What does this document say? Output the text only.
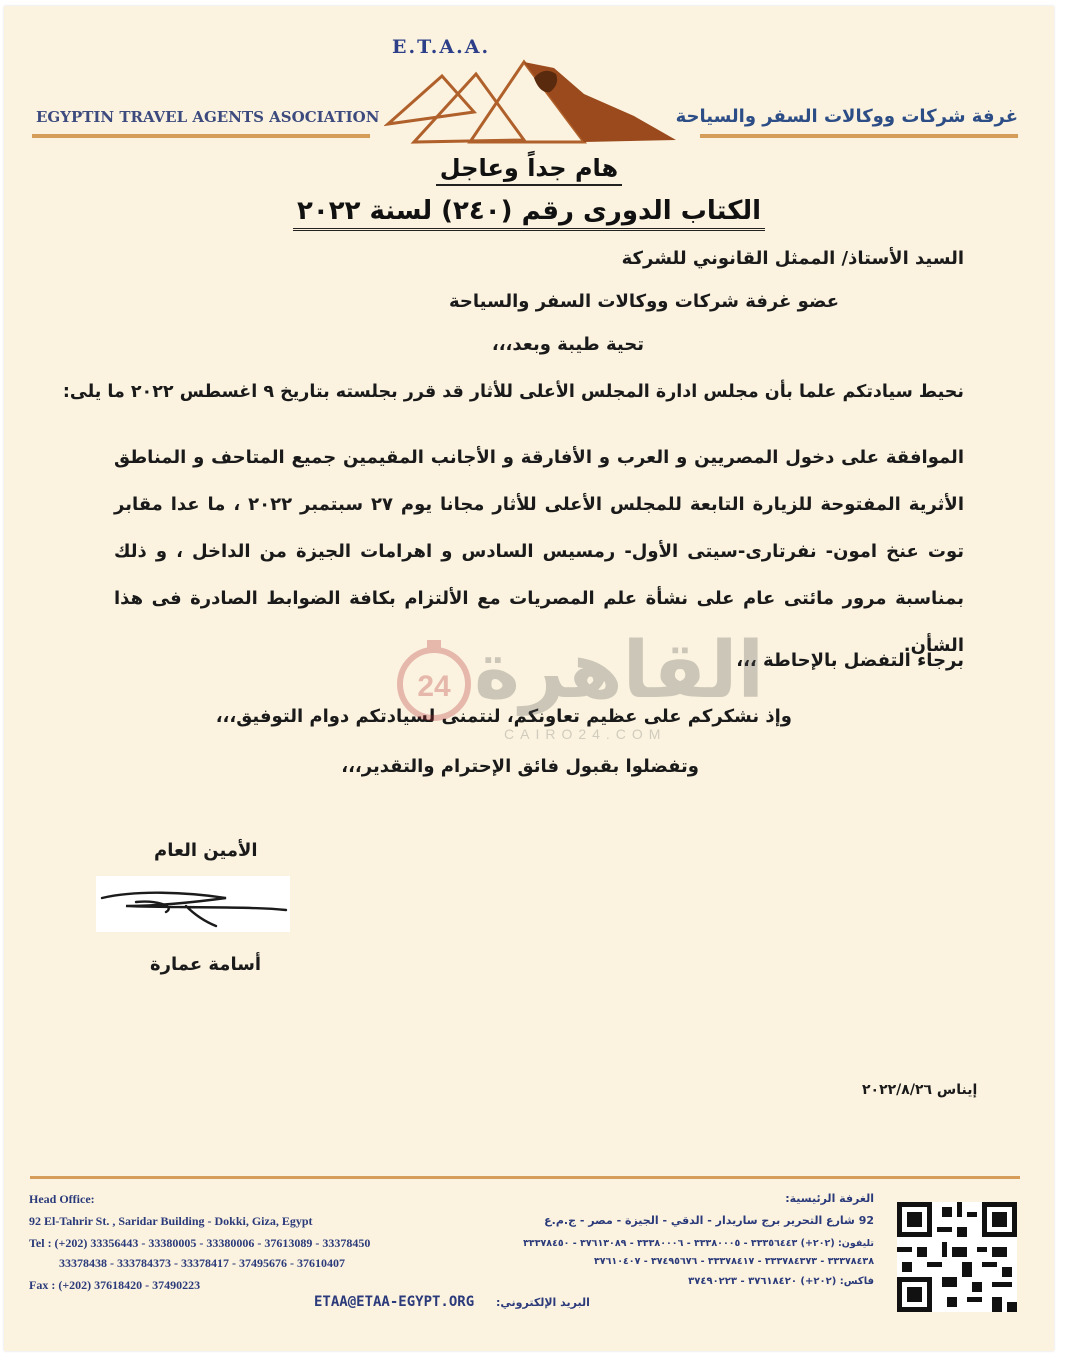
E.T.A.A.
EGYPTIN TRAVEL AGENTS ASOCIATION	غرفة شركات ووكالات السفر والسياحة
هام جداً وعاجل
الكتاب الدورى رقم (٢٤٠) لسنة ٢٠٢٢
السيد الأستاذ/ الممثل القانوني للشركة
عضو غرفة شركات ووكالات السفر والسياحة
تحية طيبة وبعد،،،
نحيط سيادتكم علما بأن مجلس ادارة المجلس الأعلى للأثار قد قرر بجلسته بتاريخ ٩ اغسطس ٢٠٢٢ ما يلى:
الموافقة على دخول المصريين و العرب و الأفارقة و الأجانب المقيمين جميع المتاحف و المناطق الأثرية المفتوحة للزيارة التابعة للمجلس الأعلى للأثار مجانا يوم ٢٧ سبتمبر ٢٠٢٢ ، ما عدا مقابر توت عنخ امون- نفرتارى-سيتى الأول- رمسيس السادس و اهرامات الجيزة من الداخل ، و ذلك بمناسبة مرور مائتى عام على نشأة علم المصريات مع الألتزام بكافة الضوابط الصادرة فى هذا الشأن.
برجاء التفضل بالإحاطة ،،،
وإذ نشكركم على عظيم تعاونكم، لنتمنى لسيادتكم دوام التوفيق،،،
وتفضلوا بقبول فائق الإحترام والتقدير،،،
24 القاهرة
CAIRO24.COM
الأمين العام
أسامة عمارة
إيناس ٢٠٢٢/٨/٢٦
Head Office:
92 El-Tahrir St. , Saridar Building - Dokki, Giza, Egypt
Tel : (+202) 33356443 - 33380005 - 33380006 - 37613089 - 33378450
33378438 - 333784373 - 33378417 - 37495676 - 37610407
Fax : (+202) 37618420 - 37490223
الغرفة الرئيسية:
92 شارع التحرير برج ساريدار - الدقي - الجيزة - مصر - ج.م.ع
تليفون: (٢٠٢+) ٣٣٣٥٦٤٤٣ - ٣٣٣٨٠٠٠٥ - ٣٣٣٨٠٠٠٦ - ٣٧٦١٣٠٨٩ - ٣٣٣٧٨٤٥٠
٣٣٣٧٨٤٣٨ - ٣٣٣٧٨٤٣٧٣ - ٣٣٣٧٨٤١٧ - ٣٧٤٩٥٦٧٦ - ٣٧٦١٠٤٠٧
فاكس: (٢٠٢+) ٣٧٦١٨٤٢٠ - ٣٧٤٩٠٢٢٣
ETAA@ETAA-EGYPT.ORG البريد الإلكتروني:
